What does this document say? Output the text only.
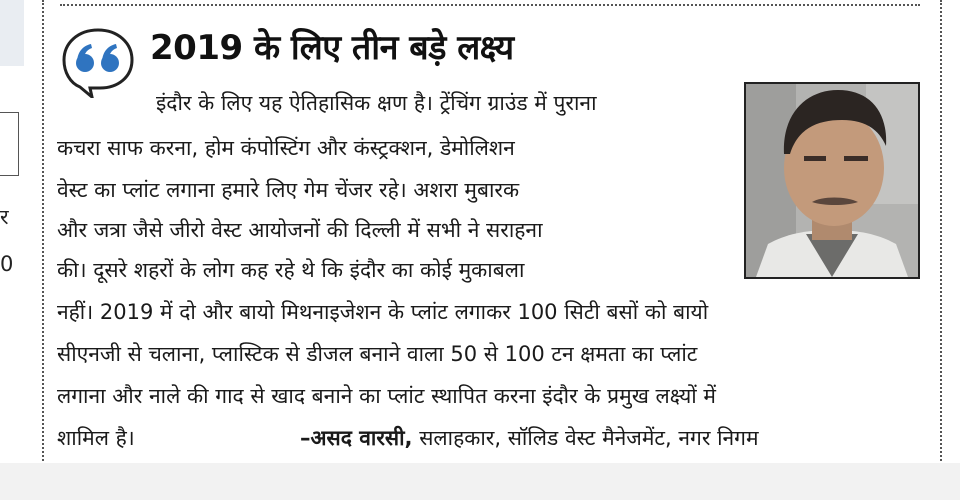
र
0
2019 के लिए तीन बड़े लक्ष्य

इंदौर के लिए यह ऐतिहासिक क्षण है। ट्रेंचिंग ग्राउंड में पुराना

कचरा साफ करना, होम कंपोस्टिंग और कंस्ट्रक्शन, डेमोलिशन

वेस्ट का प्लांट लगाना हमारे लिए गेम चेंजर रहे। अशरा मुबारक

और जत्रा जैसे जीरो वेस्ट आयोजनों की दिल्ली में सभी ने सराहना

की। दूसरे शहरों के लोग कह रहे थे कि इंदौर का कोई मुकाबला

नहीं। 2019 में दो और बायो मिथनाइजेशन के प्लांट लगाकर 100 सिटी बसों को बायो

सीएनजी से चलाना, प्लास्टिक से डीजल बनाने वाला 50 से 100 टन क्षमता का प्लांट

लगाना और नाले की गाद से खाद बनाने का प्लांट स्थापित करना इंदौर के प्रमुख लक्ष्यों में

शामिल है।	–असद वारसी, सलाहकार, सॉलिड वेस्ट मैनेजमेंट, नगर निगम
